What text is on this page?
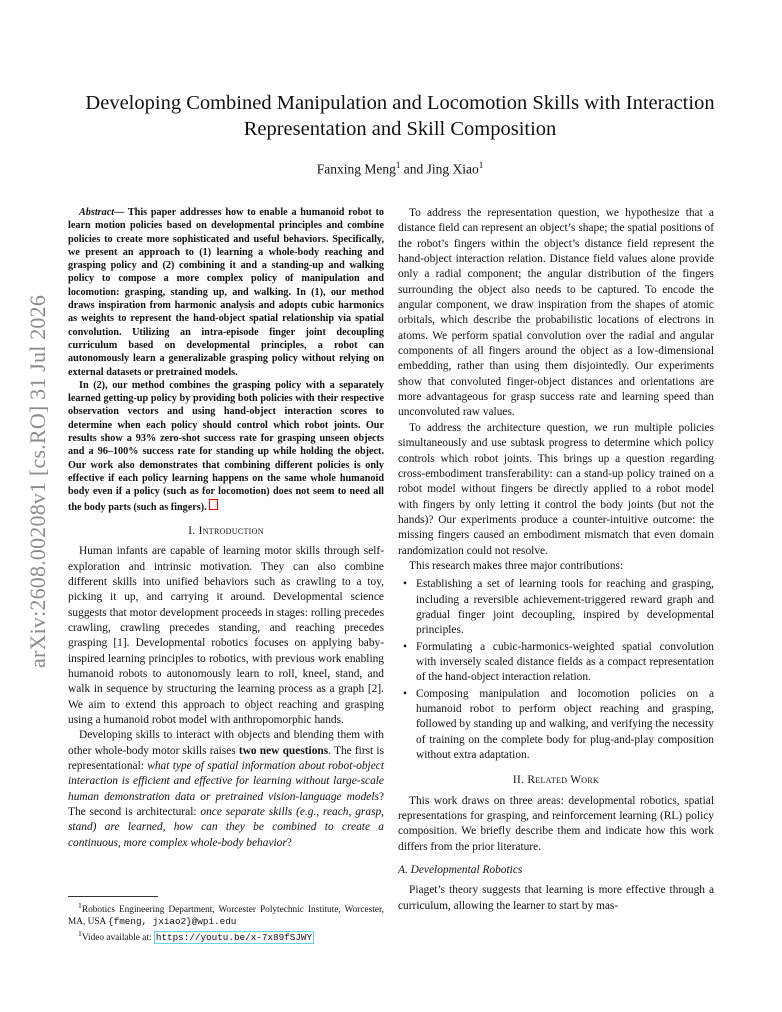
arXiv:2608.00208v1 [cs.RO] 31 Jul 2026
Developing Combined Manipulation and Locomotion Skills with Interaction
Representation and Skill Composition
Fanxing Meng$^1$ and Jing Xiao$^1$

Abstract— This paper addresses how to enable a humanoid robot to learn motion policies based on developmental principles and combine policies to create more sophisticated and useful behaviors. Specifically, we present an approach to (1) learning a whole-body reaching and grasping policy and (2) combining it and a standing-up and walking policy to compose a more complex policy of manipulation and locomotion: grasping, standing up, and walking. In (1), our method draws inspiration from harmonic analysis and adopts cubic harmonics as weights to represent the hand-object spatial relationship via spatial convolution. Utilizing an intra-episode finger joint decoupling curriculum based on developmental principles, a robot can autonomously learn a generalizable grasping policy without relying on external datasets or pretrained models.

In (2), our method combines the grasping policy with a separately learned getting-up policy by providing both policies with their respective observation vectors and using hand-object interaction scores to determine when each policy should control which robot joints. Our results show a 93% zero-shot success rate for grasping unseen objects and a 96–100% success rate for standing up while holding the object. Our work also demonstrates that combining different policies is only effective if each policy learning happens on the same whole humanoid body even if a policy (such as for locomotion) does not seem to need all the body parts (such as fingers).

I. Introduction

Human infants are capable of learning motor skills through self-exploration and intrinsic motivation. They can also combine different skills into unified behaviors such as crawling to a toy, picking it up, and carrying it around. Developmental science suggests that motor development proceeds in stages: rolling precedes crawling, crawling precedes standing, and reaching precedes grasping [1]. Developmental robotics focuses on applying baby-inspired learning principles to robotics, with previous work enabling humanoid robots to autonomously learn to roll, kneel, stand, and walk in sequence by structuring the learning process as a graph [2]. We aim to extend this approach to object reaching and grasping using a humanoid robot model with anthropomorphic hands.

Developing skills to interact with objects and blending them with other whole-body motor skills raises two new questions. The first is representational: what type of spatial information about robot-object interaction is efficient and effective for learning without large-scale human demonstration data or pretrained vision-language models? The second is architectural: once separate skills (e.g., reach, grasp, stand) are learned, how can they be combined to create a continuous, more complex whole-body behavior?

$^1$Robotics Engineering Department, Worcester Polytechnic Institute, Worcester, MA, USA {fmeng, jxiao2}@wpi.edu

$^1$Video available at: https://youtu.be/x-7x89fSJWY

To address the representation question, we hypothesize that a distance field can represent an object’s shape; the spatial positions of the robot’s fingers within the object’s distance field represent the hand-object interaction relation. Distance field values alone provide only a radial component; the angular distribution of the fingers surrounding the object also needs to be captured. To encode the angular component, we draw inspiration from the shapes of atomic orbitals, which describe the probabilistic locations of electrons in atoms. We perform spatial convolution over the radial and angular components of all fingers around the object as a low-dimensional embedding, rather than using them disjointedly. Our experiments show that convoluted finger-object distances and orientations are more advantageous for grasp success rate and learning speed than unconvoluted raw values.

To address the architecture question, we run multiple policies simultaneously and use subtask progress to determine which policy controls which robot joints. This brings up a question regarding cross-embodiment transferability: can a stand-up policy trained on a robot model without fingers be directly applied to a robot model with fingers by only letting it control the body joints (but not the hands)? Our experiments produce a counter-intuitive outcome: the missing fingers caused an embodiment mismatch that even domain randomization could not resolve.

This research makes three major contributions:

• Establishing a set of learning tools for reaching and grasping, including a reversible achievement-triggered reward graph and gradual finger joint decoupling, inspired by developmental principles.
• Formulating a cubic-harmonics-weighted spatial convolution with inversely scaled distance fields as a compact representation of the hand-object interaction relation.
• Composing manipulation and locomotion policies on a humanoid robot to perform object reaching and grasping, followed by standing up and walking, and verifying the necessity of training on the complete body for plug-and-play composition without extra adaptation.
II. Related Work

This work draws on three areas: developmental robotics, spatial representations for grasping, and reinforcement learning (RL) policy composition. We briefly describe them and indicate how this work differs from the prior literature.

A. Developmental Robotics

Piaget’s theory suggests that learning is more effective through a curriculum, allowing the learner to start by mas-
